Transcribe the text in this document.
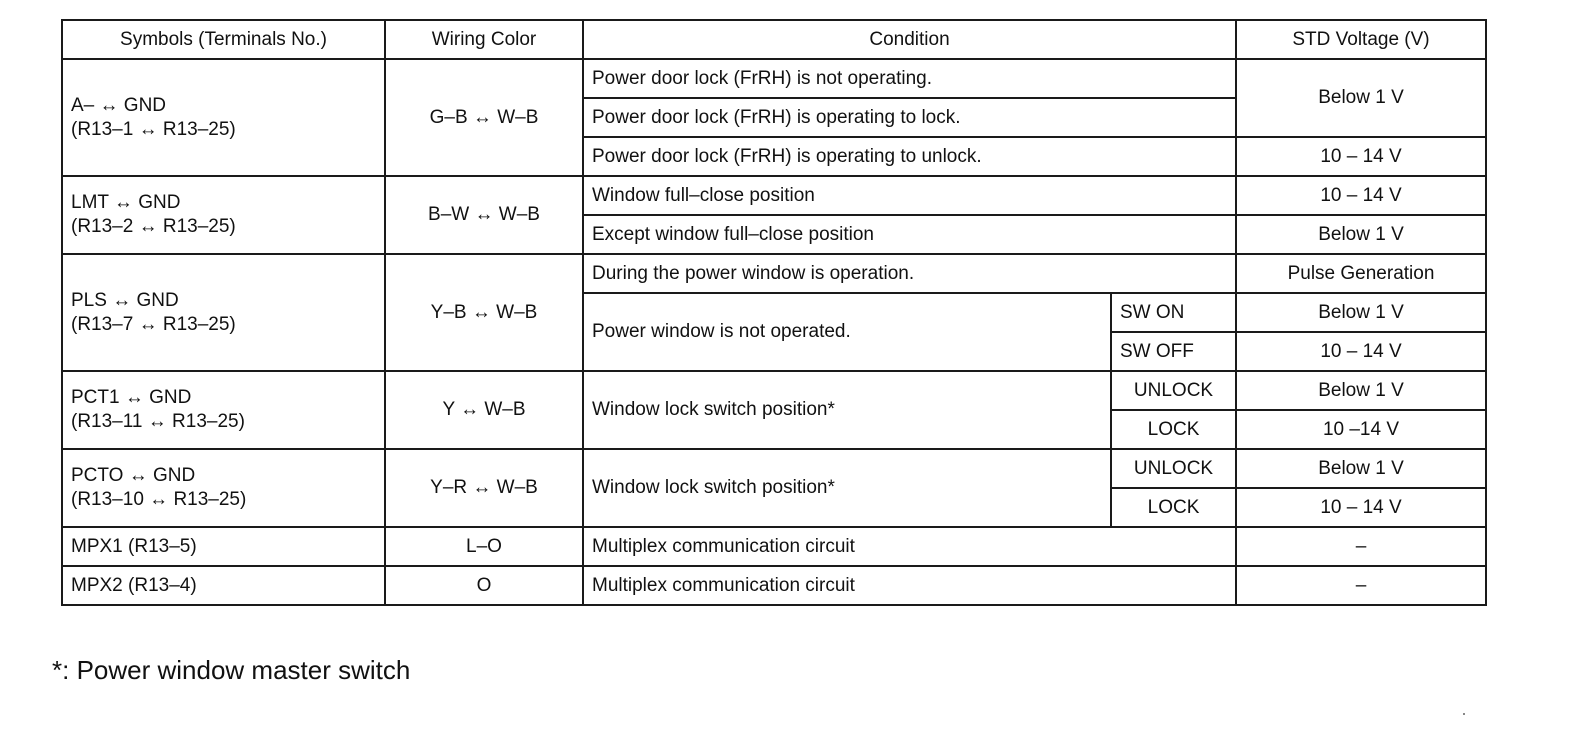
Symbols (Terminals No.)	Wiring Color	Condition		STD Voltage (V)

A– ↔ GND
(R13–1 ↔ R13–25)	G–B ↔ W–B	Power door lock (FrRH) is not operating.		Below 1 V
		Power door lock (FrRH) is operating to lock.		
		Power door lock (FrRH) is operating to unlock.		10 – 14 V

LMT ↔ GND
(R13–2 ↔ R13–25)	B–W ↔ W–B	Window full–close position		10 – 14 V
		Except window full–close position		Below 1 V

PLS ↔ GND
(R13–7 ↔ R13–25)	Y–B ↔ W–B	During the power window is operation.		Pulse Generation
		Power window is not operated.	SW ON	Below 1 V
			SW OFF	10 – 14 V

PCT1 ↔ GND
(R13–11 ↔ R13–25)	Y ↔ W–B	Window lock switch position*	UNLOCK	Below 1 V
			LOCK	10 –14 V

PCTO ↔ GND
(R13–10 ↔ R13–25)	Y–R ↔ W–B	Window lock switch position*	UNLOCK	Below 1 V
			LOCK	10 – 14 V
MPX1 (R13–5)	L–O	Multiplex communication circuit		–
MPX2 (R13–4)	O	Multiplex communication circuit		–
*: Power window master switch
